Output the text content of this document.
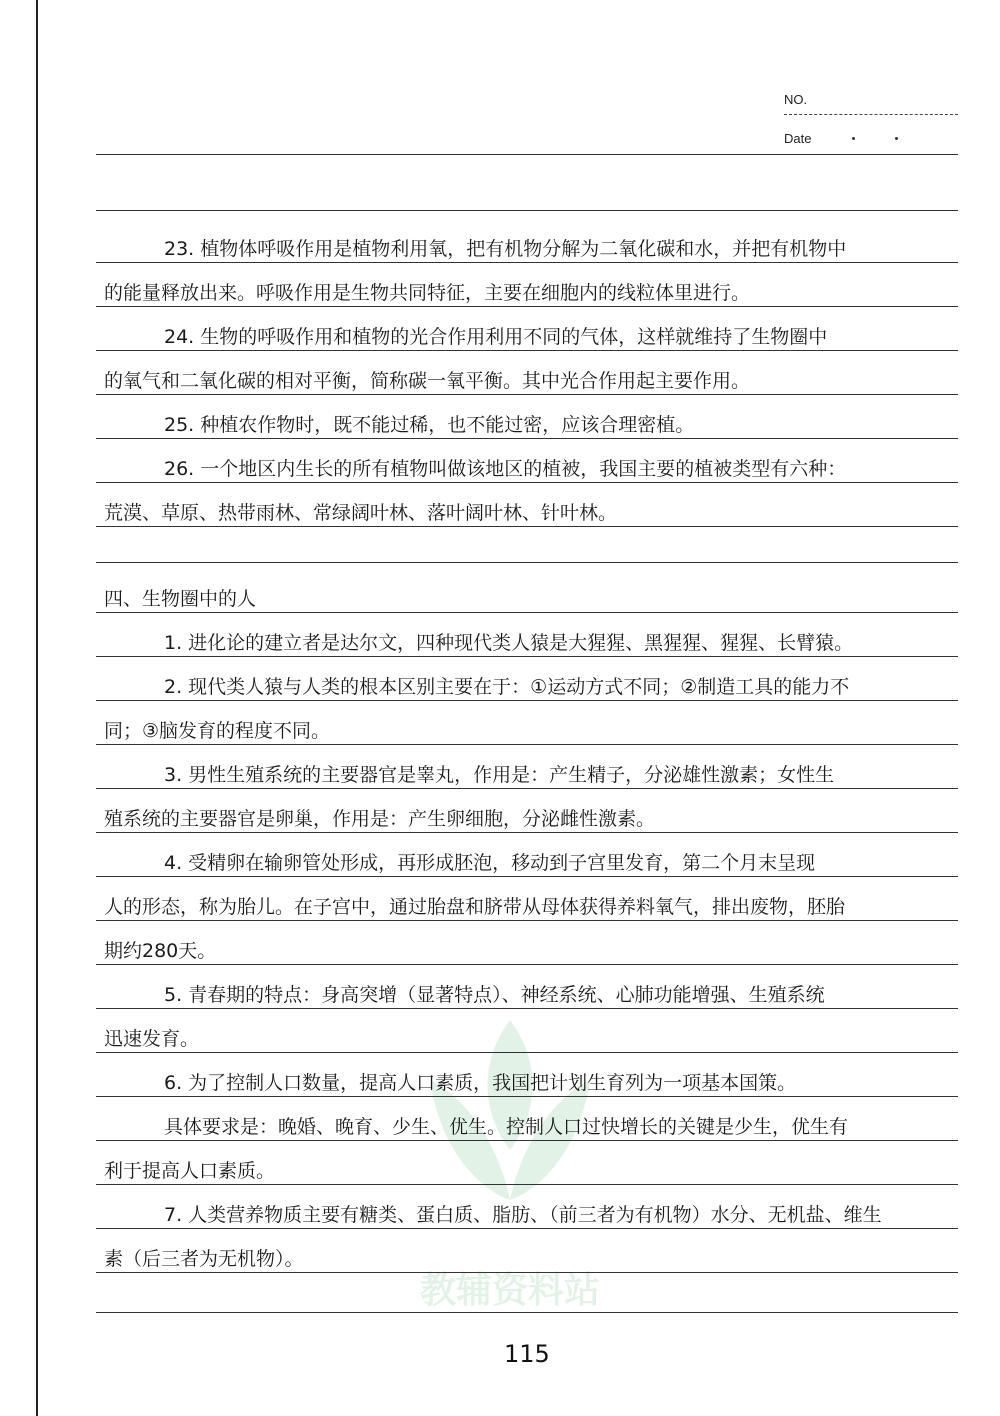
NO.
Date
教辅资料站
23. 植物体呼吸作用是植物利用氧，把有机物分解为二氧化碳和水，并把有机物中
的能量释放出来。呼吸作用是生物共同特征，主要在细胞内的线粒体里进行。
24. 生物的呼吸作用和植物的光合作用利用不同的气体，这样就维持了生物圈中
的氧气和二氧化碳的相对平衡，简称碳一氧平衡。其中光合作用起主要作用。
25. 种植农作物时，既不能过稀，也不能过密，应该合理密植。
26. 一个地区内生长的所有植物叫做该地区的植被，我国主要的植被类型有六种：
荒漠、草原、热带雨林、常绿阔叶林、落叶阔叶林、针叶林。
四、生物圈中的人
1. 进化论的建立者是达尔文，四种现代类人猿是大猩猩、黑猩猩、猩猩、长臂猿。
2. 现代类人猿与人类的根本区别主要在于：①运动方式不同；②制造工具的能力不
同；③脑发育的程度不同。
3. 男性生殖系统的主要器官是睾丸，作用是：产生精子，分泌雄性激素；女性生
殖系统的主要器官是卵巢，作用是：产生卵细胞，分泌雌性激素。
4. 受精卵在输卵管处形成，再形成胚泡，移动到子宫里发育，第二个月末呈现
人的形态，称为胎儿。在子宫中，通过胎盘和脐带从母体获得养料氧气，排出废物，胚胎
期约280天。
5. 青春期的特点：身高突增（显著特点）、神经系统、心肺功能增强、生殖系统
迅速发育。
6. 为了控制人口数量，提高人口素质，我国把计划生育列为一项基本国策。
具体要求是：晚婚、晚育、少生、优生。控制人口过快增长的关键是少生，优生有
利于提高人口素质。
7. 人类营养物质主要有糖类、蛋白质、脂肪、（前三者为有机物）水分、无机盐、维生
素（后三者为无机物）。
115
